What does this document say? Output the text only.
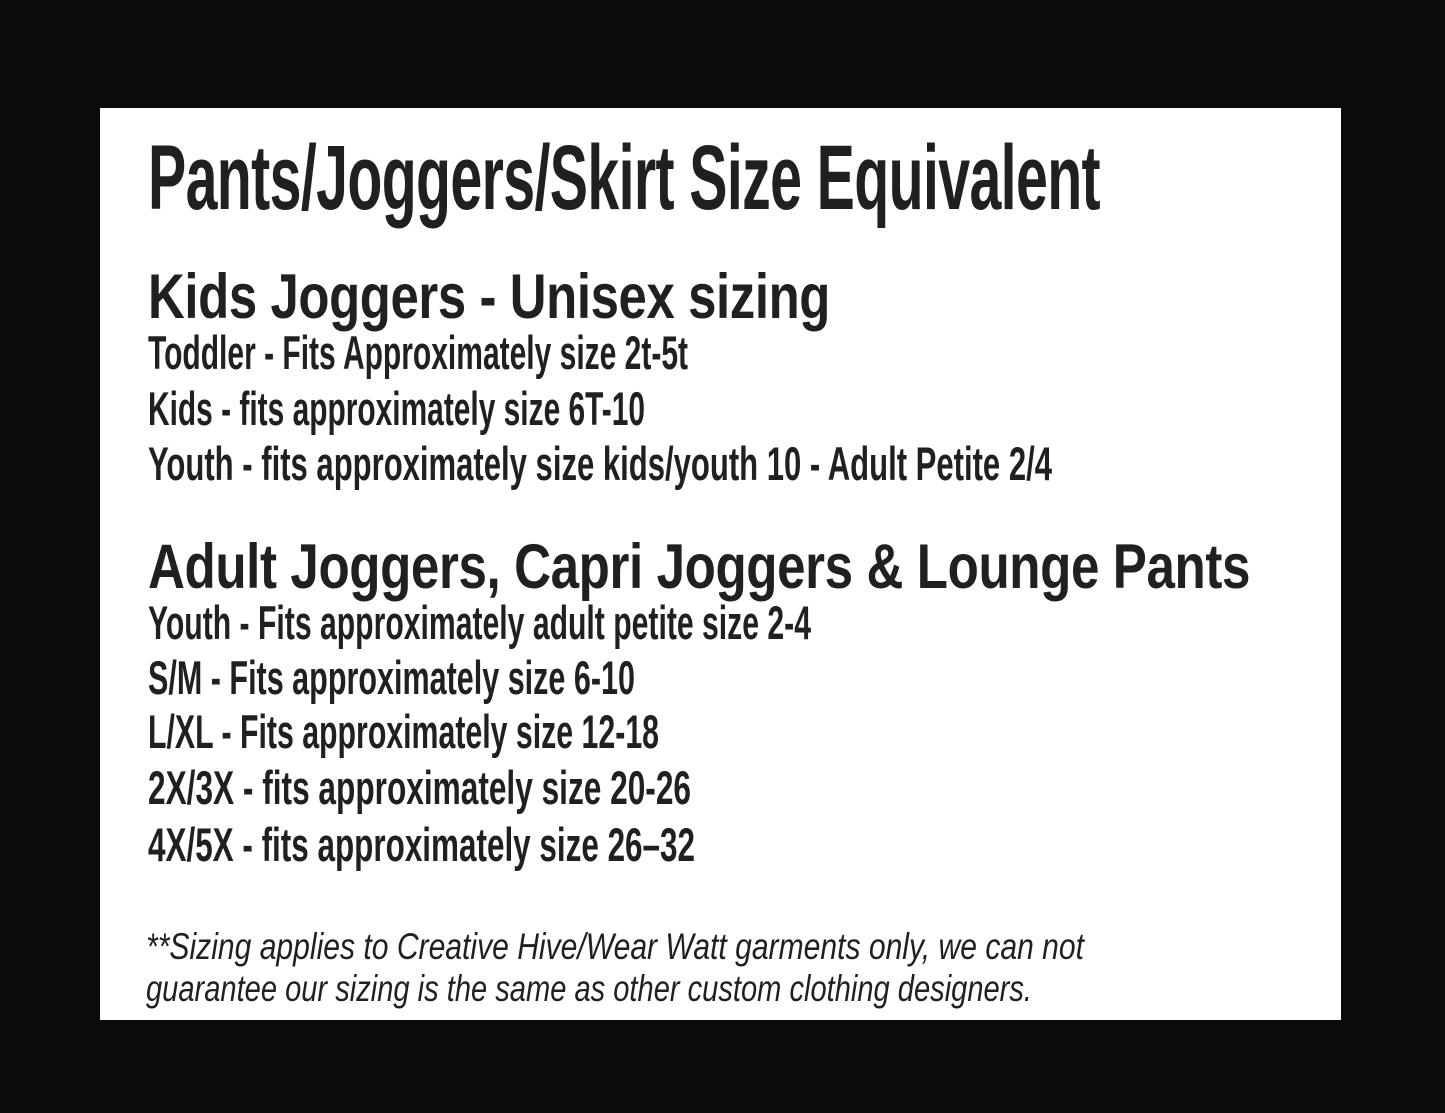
Pants/Joggers/Skirt Size Equivalent
Kids Joggers - Unisex sizing

Toddler - Fits Approximately size 2t-5t

Kids - fits approximately size 6T-10

Youth - fits approximately size kids/youth 10 - Adult Petite 2/4

Adult Joggers, Capri Joggers & Lounge Pants

Youth - Fits approximately adult petite size 2-4

S/M - Fits approximately size 6-10

L/XL - Fits approximately size 12-18

2X/3X - fits approximately size 20-26

4X/5X - fits approximately size 26–32

**Sizing applies to Creative Hive/Wear Watt garments only, we can not

guarantee our sizing is the same as other custom clothing designers.
